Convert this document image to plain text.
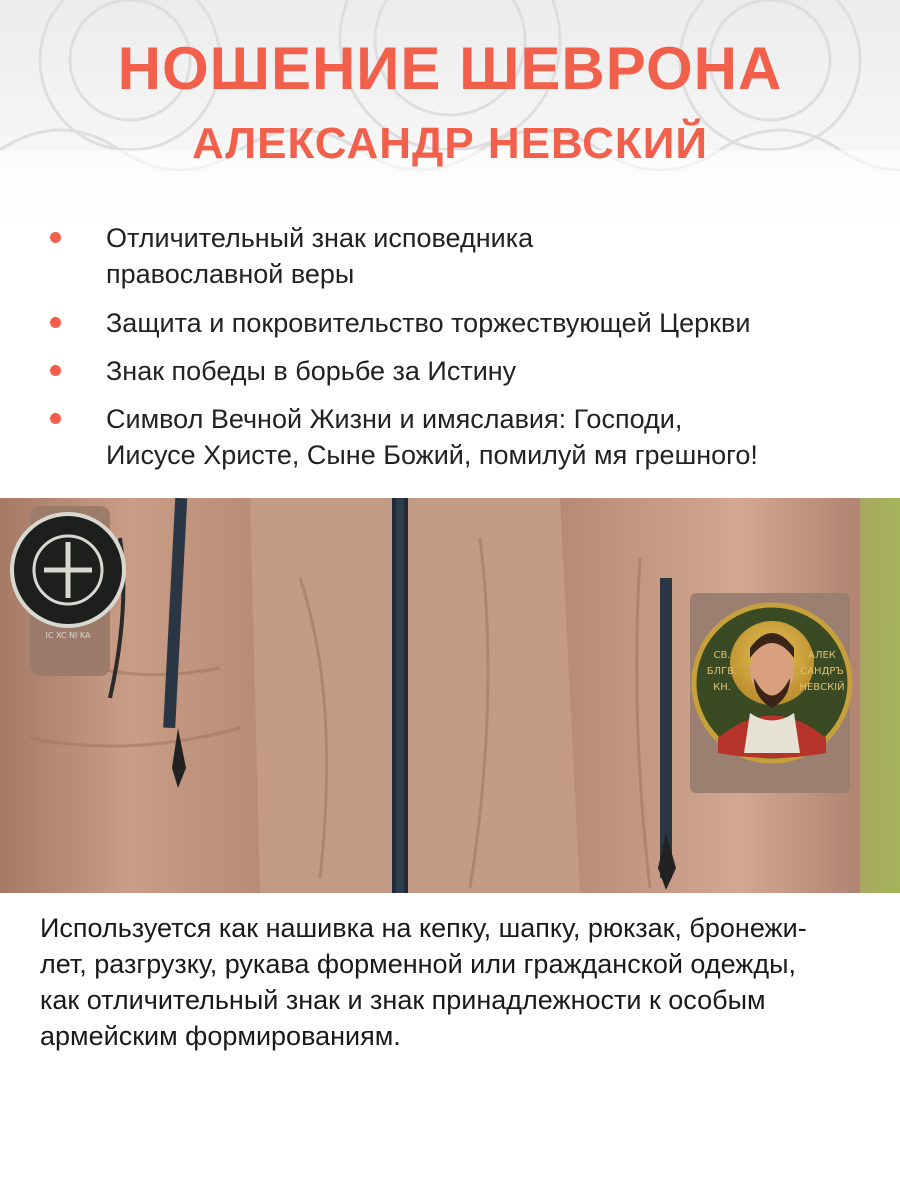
НОШЕНИЕ ШЕВРОНА
АЛЕКСАНДР НЕВСКИЙ
Отличительный знак исповедника
православной веры
Защита и покровительство торжествующей Церкви
Знак победы в борьбе за Истину
Символ Вечной Жизни и имяславия: Господи,
Иисусе Христе, Сыне Божий, помилуй мя грешного!
IC XC NI KA
СВ.
БЛГВ.
КН.
АЛЕК
САНДРЪ
НЕВСКІЙ
Используется как нашивка на кепку, шапку, рюкзак, бронежи-
лет, разгрузку, рукава форменной или гражданской одежды,
как отличительный знак и знак принадлежности к особым
армейским формированиям.
